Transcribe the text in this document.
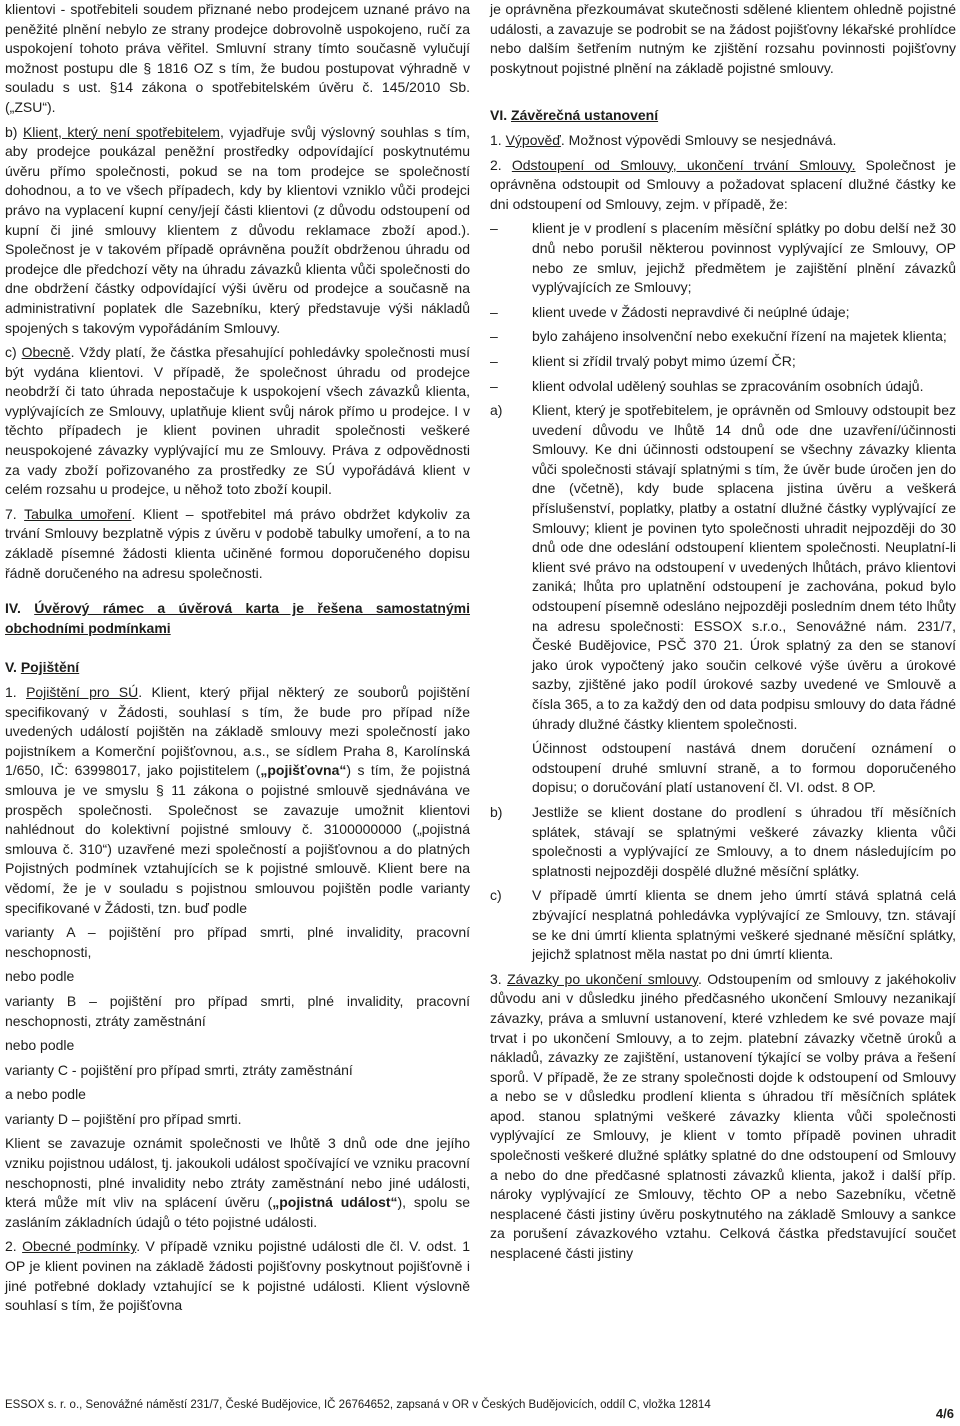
klientovi - spotřebiteli soudem přiznané nebo prodejcem uznané právo na peněžité plnění nebylo ze strany prodejce dobrovolně uspokojeno, ručí za uspokojení tohoto práva věřitel. Smluvní strany tímto současně vylučují možnost postupu dle § 1816 OZ s tím, že budou postupovat výhradně v souladu s ust. §14 zákona o spotřebitelském úvěru č. 145/2010 Sb. („ZSU“).

b) Klient, který není spotřebitelem, vyjadřuje svůj výslovný souhlas s tím, aby prodejce poukázal peněžní prostředky odpovídající poskytnutému úvěru přímo společnosti, pokud se na tom prodejce se společností dohodnou, a to ve všech případech, kdy by klientovi vzniklo vůči prodejci právo na vyplacení kupní ceny/její části klientovi (z důvodu odstoupení od kupní či jiné smlouvy klientem z důvodu reklamace zboží apod.). Společnost je v takovém případě oprávněna použít obdrženou úhradu od prodejce dle předchozí věty na úhradu závazků klienta vůči společnosti do dne obdržení částky odpovídající výši úvěru od prodejce a současně na administrativní poplatek dle Sazebníku, který představuje výši nákladů spojených s takovým vypořádáním Smlouvy.

c) Obecně. Vždy platí, že částka přesahující pohledávky společnosti musí být vydána klientovi. V případě, že společnost úhradu od prodejce neobdrží či tato úhrada nepostačuje k uspokojení všech závazků klienta, vyplývajících ze Smlouvy, uplatňuje klient svůj nárok přímo u prodejce. I v těchto případech je klient povinen uhradit společnosti veškeré neuspokojené závazky vyplývající mu ze Smlouvy. Práva z odpovědnosti za vady zboží pořizovaného za prostředky ze SÚ vypořádává klient v celém rozsahu u prodejce, u něhož toto zboží koupil.

7. Tabulka umoření. Klient – spotřebitel má právo obdržet kdykoliv za trvání Smlouvy bezplatně výpis z úvěru v podobě tabulky umoření, a to na základě písemné žádosti klienta učiněné formou doporučeného dopisu řádně doručeného na adresu společnosti.

IV. Úvěrový rámec a úvěrová karta je řešena samostatnými obchodními podmínkami

V. Pojištění

1. Pojištění pro SÚ. Klient, který přijal některý ze souborů pojištění specifikovaný v Žádosti, souhlasí s tím, že bude pro případ níže uvedených událostí pojištěn na základě smlouvy mezi společností jako pojistníkem a Komerční pojišťovnou, a.s., se sídlem Praha 8, Karolínská 1/650, IČ: 63998017, jako pojistitelem („pojišťovna“) s tím, že pojistná smlouva je ve smyslu § 11 zákona o pojistné smlouvě sjednávána ve prospěch společnosti. Společnost se zavazuje umožnit klientovi nahlédnout do kolektivní pojistné smlouvy č. 3100000000 („pojistná smlouva č. 310“) uzavřené mezi společností a pojišťovnou a do platných Pojistných podmínek vztahujících se k pojistné smlouvě. Klient bere na vědomí, že je v souladu s pojistnou smlouvou pojištěn podle varianty specifikované v Žádosti, tzn. buď podle

varianty A – pojištění pro případ smrti, plné invalidity, pracovní neschopnosti,

nebo podle

varianty B – pojištění pro případ smrti, plné invalidity, pracovní neschopnosti, ztráty zaměstnání

nebo podle

varianty C - pojištění pro případ smrti, ztráty zaměstnání

a nebo podle

varianty D – pojištění pro případ smrti.

Klient se zavazuje oznámit společnosti ve lhůtě 3 dnů ode dne jejího vzniku pojistnou událost, tj. jakoukoli událost spočívající ve vzniku pracovní neschopnosti, plné invalidity nebo ztráty zaměstnání nebo jiné události, která může mít vliv na splácení úvěru („pojistná událost“), spolu se zasláním základních údajů o této pojistné události.

2. Obecné podmínky. V případě vzniku pojistné události dle čl. V. odst. 1 OP je klient povinen na základě žádosti pojišťovny poskytnout pojišťovně i jiné potřebné doklady vztahující se k pojistné události. Klient výslovně souhlasí s tím, že pojišťovna

je oprávněna přezkoumávat skutečnosti sdělené klientem ohledně pojistné události, a zavazuje se podrobit se na žádost pojišťovny lékařské prohlídce nebo dalším šetřením nutným ke zjištění rozsahu povinnosti pojišťovny poskytnout pojistné plnění na základě pojistné smlouvy.

VI. Závěrečná ustanovení

1. Výpověď. Možnost výpovědi Smlouvy se nesjednává.

2. Odstoupení od Smlouvy, ukončení trvání Smlouvy. Společnost je oprávněna odstoupit od Smlouvy a požadovat splacení dlužné částky ke dni odstoupení od Smlouvy, zejm. v případě, že:

–	klient je v prodlení s placením měsíční splátky po dobu delší než 30 dnů nebo porušil některou povinnost vyplývající ze Smlouvy, OP nebo ze smluv, jejichž předmětem je zajištění plnění závazků vyplývajících ze Smlouvy;
–	klient uvede v Žádosti nepravdivé či neúplné údaje;
–	bylo zahájeno insolvenční nebo exekuční řízení na majetek klienta;
–	klient si zřídil trvalý pobyt mimo území ČR;
–	klient odvolal udělený souhlas se zpracováním osobních údajů.
a)	Klient, který je spotřebitelem, je oprávněn od Smlouvy odstoupit bez uvedení důvodu ve lhůtě 14 dnů ode dne uzavření/účinnosti Smlouvy. Ke dni účinnosti odstoupení se všechny závazky klienta vůči společnosti stávají splatnými s tím, že úvěr bude úročen jen do dne (včetně), kdy bude splacena jistina úvěru a veškerá příslušenství, poplatky, platby a ostatní dlužné částky vyplývající ze Smlouvy; klient je povinen tyto společnosti uhradit nejpozději do 30 dnů ode dne odeslání odstoupení klientem společnosti. Neuplatní-li klient své právo na odstoupení v uvedených lhůtách, právo klientovi zaniká; lhůta pro uplatnění odstoupení je zachována, pokud bylo odstoupení písemně odesláno nejpozději posledním dnem této lhůty na adresu společnosti: ESSOX s.r.o., Senovážné nám. 231/7, České Budějovice, PSČ 370 21. Úrok splatný za den se stanoví jako úrok vypočtený jako součin celkové výše úvěru a úrokové sazby, zjištěné jako podíl úrokové sazby uvedené ve Smlouvě a čísla 365, a to za každý den od data podpisu smlouvy do data řádné úhrady dlužné částky klientem společnosti.

Účinnost odstoupení nastává dnem doručení oznámení o odstoupení druhé smluvní straně, a to formou doporučeného dopisu; o doručování platí ustanovení čl. VI. odst. 8 OP.

b)	Jestliže se klient dostane do prodlení s úhradou tří měsíčních splátek, stávají se splatnými veškeré závazky klienta vůči společnosti a vyplývající ze Smlouvy, a to dnem následujícím po splatnosti nejpozději dospělé dlužné měsíční splátky.
c)	V případě úmrtí klienta se dnem jeho úmrtí stává splatná celá zbývající nesplatná pohledávka vyplývající ze Smlouvy, tzn. stávají se ke dni úmrtí klienta splatnými veškeré sjednané měsíční splátky, jejichž splatnost měla nastat po dni úmrtí klienta.

3. Závazky po ukončení smlouvy. Odstoupením od smlouvy z jakéhokoliv důvodu ani v důsledku jiného předčasného ukončení Smlouvy nezanikají závazky, práva a smluvní ustanovení, které vzhledem ke své povaze mají trvat i po ukončení Smlouvy, a to zejm. platební závazky včetně úroků a nákladů, závazky ze zajištění, ustanovení týkající se volby práva a řešení sporů. V případě, že ze strany společnosti dojde k odstoupení od Smlouvy a nebo se v důsledku prodlení klienta s úhradou tří měsíčních splátek apod. stanou splatnými veškeré závazky klienta vůči společnosti vyplývající ze Smlouvy, je klient v tomto případě povinen uhradit společnosti veškeré dlužné splátky splatné do dne odstoupení od Smlouvy a nebo do dne předčasné splatnosti závazků klienta, jakož i další příp. nároky vyplývající ze Smlouvy, těchto OP a nebo Sazebníku, včetně nesplacené části jistiny úvěru poskytnutého na základě Smlouvy a sankce za porušení závazkového vztahu. Celková částka představující součet nesplacené části jistiny

ESSOX s. r. o., Senovážné náměstí 231/7, České Budějovice, IČ 26764652, zapsaná v OR v Českých Budějovicích, oddíl C, vložka 12814
4/6
